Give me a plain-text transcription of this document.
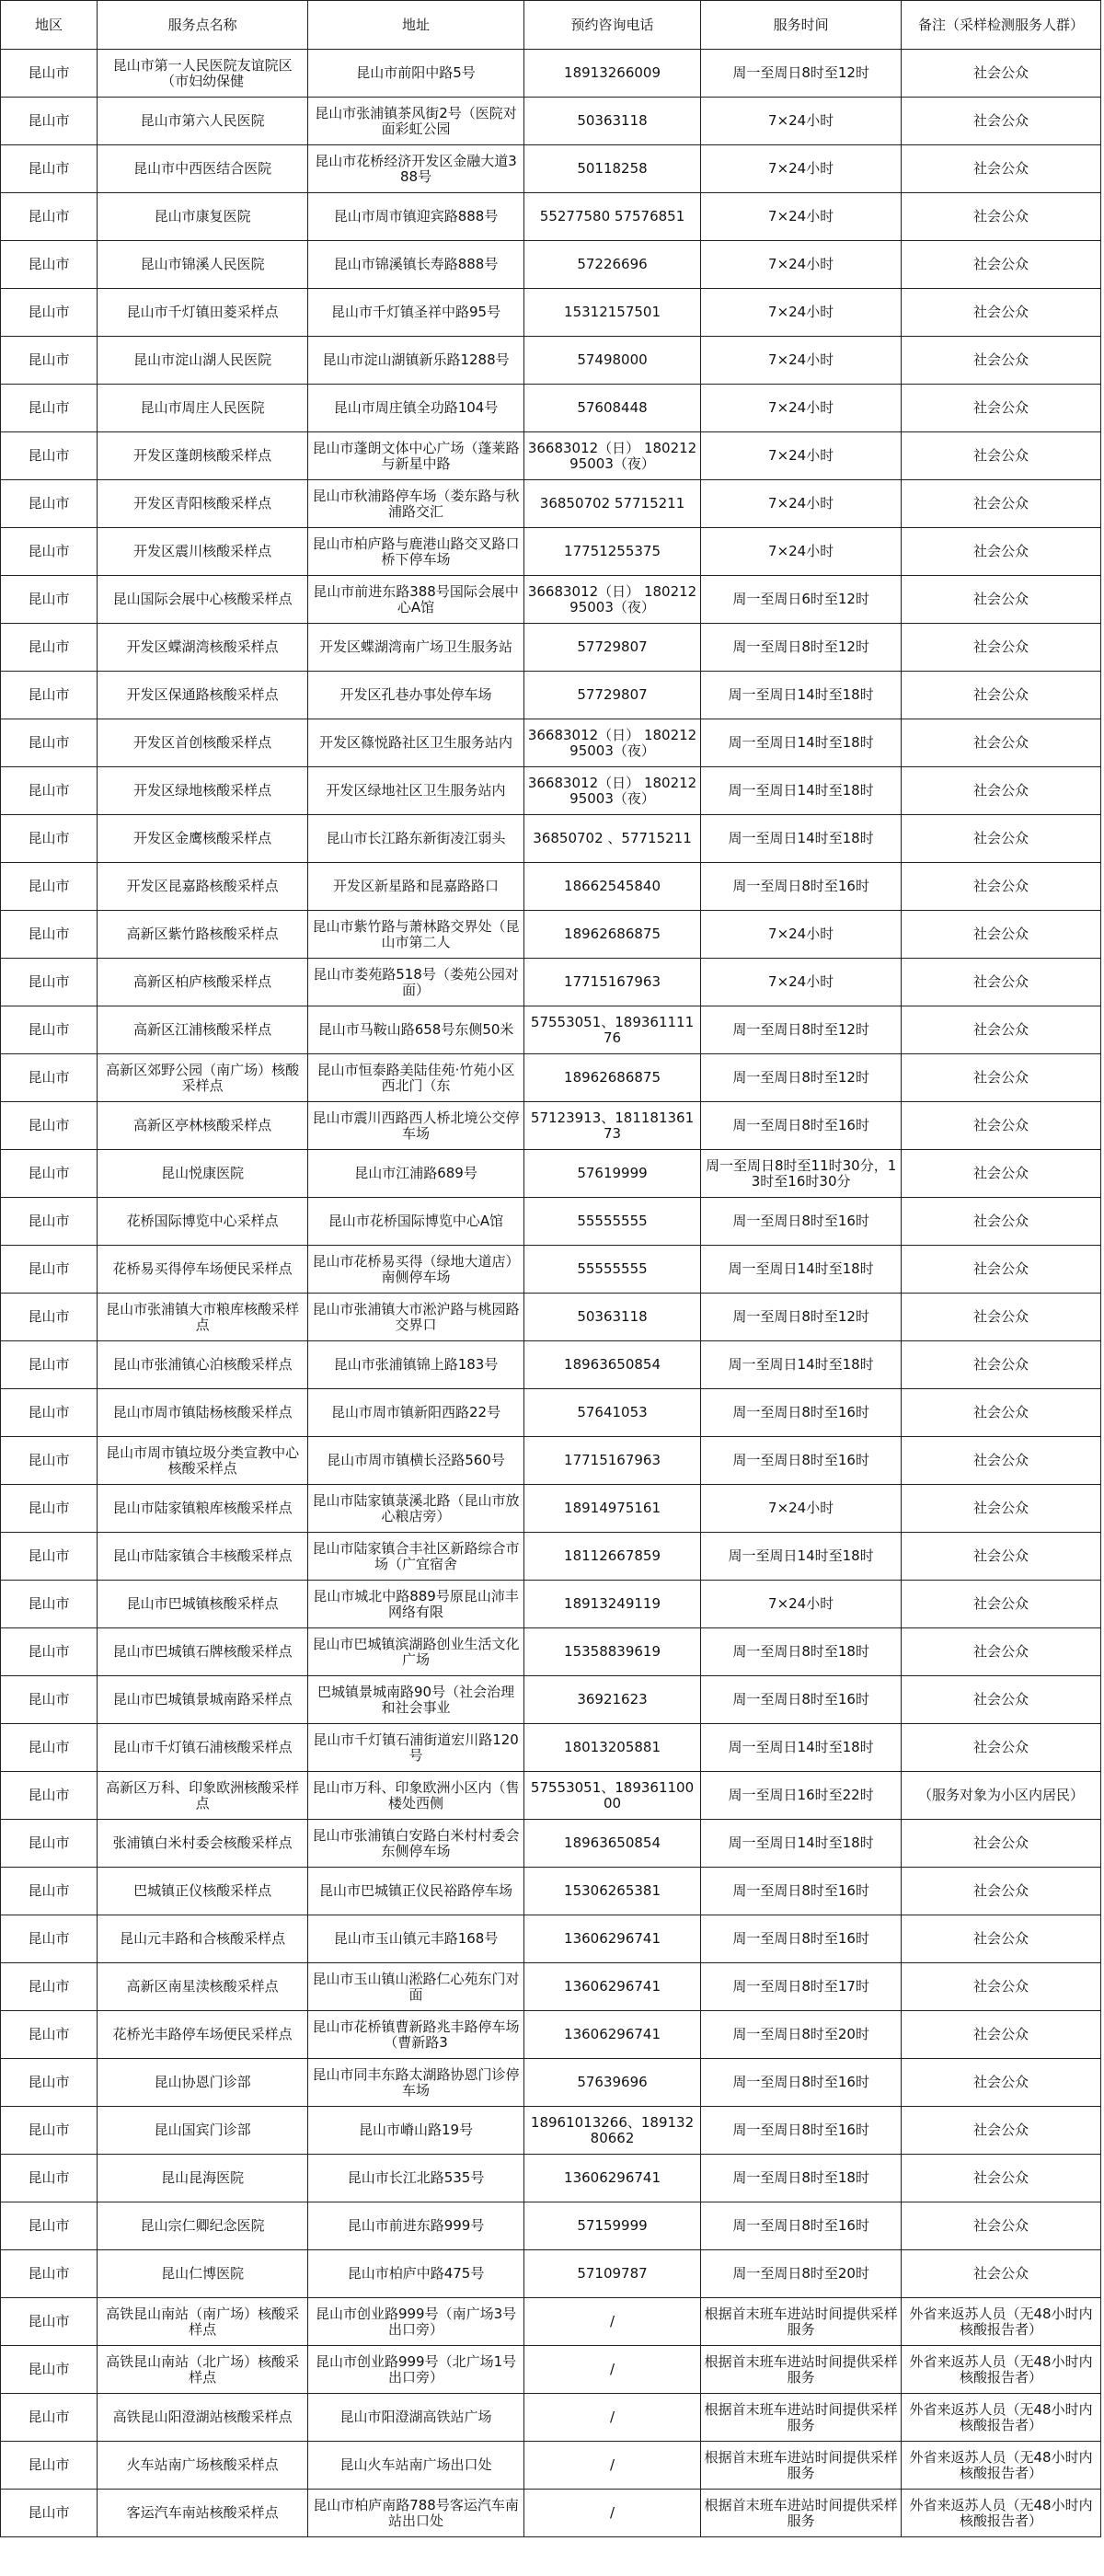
地区	服务点名称	地址	预约咨询电话	服务时间	备注（采样检测服务人群）

昆山市	昆山市第一人民医院友谊院区（市妇幼保健	昆山市前阳中路5号	18913266009	周一至周日8时至12时	社会公众

昆山市	昆山市第六人民医院	昆山市张浦镇茶风街2号（医院对面彩虹公园	50363118	7×24小时	社会公众

昆山市	昆山市中西医结合医院	昆山市花桥经济开发区金融大道388号	50118258	7×24小时	社会公众

昆山市	昆山市康复医院	昆山市周市镇迎宾路888号	55277580 57576851	7×24小时	社会公众

昆山市	昆山市锦溪人民医院	昆山市锦溪镇长寿路888号	57226696	7×24小时	社会公众

昆山市	昆山市千灯镇田菱采样点	昆山市千灯镇圣祥中路95号	15312157501	7×24小时	社会公众

昆山市	昆山市淀山湖人民医院	昆山市淀山湖镇新乐路1288号	57498000	7×24小时	社会公众

昆山市	昆山市周庄人民医院	昆山市周庄镇全功路104号	57608448	7×24小时	社会公众

昆山市	开发区蓬朗核酸采样点	昆山市蓬朗文体中心广场（蓬莱路与新星中路	36683012（日） 18021295003（夜）	7×24小时	社会公众

昆山市	开发区青阳核酸采样点	昆山市秋浦路停车场（娄东路与秋浦路交汇	36850702 57715211	7×24小时	社会公众

昆山市	开发区震川核酸采样点	昆山市柏庐路与鹿港山路交叉路口桥下停车场	17751255375	7×24小时	社会公众

昆山市	昆山国际会展中心核酸采样点	昆山市前进东路388号国际会展中心A馆	36683012（日） 18021295003（夜）	周一至周日6时至12时	社会公众

昆山市	开发区蝶湖湾核酸采样点	开发区蝶湖湾南广场卫生服务站	57729807	周一至周日8时至12时	社会公众

昆山市	开发区保通路核酸采样点	开发区孔巷办事处停车场	57729807	周一至周日14时至18时	社会公众

昆山市	开发区首创核酸采样点	开发区篠悦路社区卫生服务站内	36683012（日） 18021295003（夜）	周一至周日14时至18时	社会公众

昆山市	开发区绿地核酸采样点	开发区绿地社区卫生服务站内	36683012（日） 18021295003（夜）	周一至周日14时至18时	社会公众

昆山市	开发区金鹰核酸采样点	昆山市长江路东新街凌江弱头	36850702 、57715211	周一至周日14时至18时	社会公众

昆山市	开发区昆嘉路核酸采样点	开发区新星路和昆嘉路路口	18662545840	周一至周日8时至16时	社会公众

昆山市	高新区紫竹路核酸采样点	昆山市紫竹路与萧林路交界处（昆山市第二人	18962686875	7×24小时	社会公众

昆山市	高新区柏庐核酸采样点	昆山市娄苑路518号（娄苑公园对面）	17715167963	7×24小时	社会公众

昆山市	高新区江浦核酸采样点	昆山市马鞍山路658号东侧50米	57553051、18936111176	周一至周日8时至12时	社会公众

昆山市	高新区郊野公园（南广场）核酸采样点	昆山市恒泰路美陆佳苑·竹苑小区西北门（东	18962686875	周一至周日8时至12时	社会公众

昆山市	高新区亭林核酸采样点	昆山市震川西路西人桥北境公交停车场	57123913、18118136173	周一至周日8时至16时	社会公众

昆山市	昆山悦康医院	昆山市江浦路689号	57619999	周一至周日8时至11时30分，13时至16时30分	社会公众

昆山市	花桥国际博览中心采样点	昆山市花桥国际博览中心A馆	55555555	周一至周日8时至16时	社会公众

昆山市	花桥易买得停车场便民采样点	昆山市花桥易买得（绿地大道店）南侧停车场	55555555	周一至周日14时至18时	社会公众

昆山市	昆山市张浦镇大市粮库核酸采样点	昆山市张浦镇大市淞沪路与桃园路交界口	50363118	周一至周日8时至12时	社会公众

昆山市	昆山市张浦镇心泊核酸采样点	昆山市张浦镇锦上路183号	18963650854	周一至周日14时至18时	社会公众

昆山市	昆山市周市镇陆杨核酸采样点	昆山市周市镇新阳西路22号	57641053	周一至周日8时至16时	社会公众

昆山市	昆山市周市镇垃圾分类宣教中心核酸采样点	昆山市周市镇横长泾路560号	17715167963	周一至周日8时至16时	社会公众

昆山市	昆山市陆家镇粮库核酸采样点	昆山市陆家镇菉溪北路（昆山市放心粮店旁）	18914975161	7×24小时	社会公众

昆山市	昆山市陆家镇合丰核酸采样点	昆山市陆家镇合丰社区新路综合市场（广宜宿舍	18112667859	周一至周日14时至18时	社会公众

昆山市	昆山市巴城镇核酸采样点	昆山市城北中路889号原昆山沛丰网络有限	18913249119	7×24小时	社会公众

昆山市	昆山市巴城镇石牌核酸采样点	昆山市巴城镇滨湖路创业生活文化广场	15358839619	周一至周日8时至18时	社会公众

昆山市	昆山市巴城镇景城南路采样点	巴城镇景城南路90号（社会治理和社会事业	36921623	周一至周日8时至16时	社会公众

昆山市	昆山市千灯镇石浦核酸采样点	昆山市千灯镇石浦街道宏川路120号	18013205881	周一至周日14时至18时	社会公众

昆山市	高新区万科、印象欧洲核酸采样点	昆山市万科、印象欧洲小区内（售楼处西侧	57553051、18936110000	周一至周日16时至22时	（服务对象为小区内居民）

昆山市	张浦镇白米村委会核酸采样点	昆山市张浦镇白安路白米村村委会东侧停车场	18963650854	周一至周日14时至18时	社会公众

昆山市	巴城镇正仪核酸采样点	昆山市巴城镇正仪民裕路停车场	15306265381	周一至周日8时至16时	社会公众

昆山市	昆山元丰路和合核酸采样点	昆山市玉山镇元丰路168号	13606296741	周一至周日8时至16时	社会公众

昆山市	高新区南星渎核酸采样点	昆山市玉山镇山淞路仁心苑东门对面	13606296741	周一至周日8时至17时	社会公众

昆山市	花桥光丰路停车场便民采样点	昆山市花桥镇曹新路兆丰路停车场（曹新路3	13606296741	周一至周日8时至20时	社会公众

昆山市	昆山协恩门诊部	昆山市同丰东路太湖路协恩门诊停车场	57639696	周一至周日8时至16时	社会公众

昆山市	昆山国宾门诊部	昆山市嵴山路19号	18961013266、18913280662	周一至周日8时至16时	社会公众

昆山市	昆山昆海医院	昆山市长江北路535号	13606296741	周一至周日8时至18时	社会公众

昆山市	昆山宗仁卿纪念医院	昆山市前进东路999号	57159999	周一至周日8时至16时	社会公众

昆山市	昆山仁博医院	昆山市柏庐中路475号	57109787	周一至周日8时至20时	社会公众

昆山市	高铁昆山南站（南广场）核酸采样点	昆山市创业路999号（南广场3号出口旁）	/	根据首末班车进站时间提供采样服务	外省来返苏人员（无48小时内核酸报告者）

昆山市	高铁昆山南站（北广场）核酸采样点	昆山市创业路999号（北广场1号出口旁）	/	根据首末班车进站时间提供采样服务	外省来返苏人员（无48小时内核酸报告者）

昆山市	高铁昆山阳澄湖站核酸采样点	昆山市阳澄湖高铁站广场	/	根据首末班车进站时间提供采样服务	外省来返苏人员（无48小时内核酸报告者）

昆山市	火车站南广场核酸采样点	昆山火车站南广场出口处	/	根据首末班车进站时间提供采样服务	外省来返苏人员（无48小时内核酸报告者）

昆山市	客运汽车南站核酸采样点	昆山市柏庐南路788号客运汽车南站出口处	/	根据首末班车进站时间提供采样服务	外省来返苏人员（无48小时内核酸报告者）
